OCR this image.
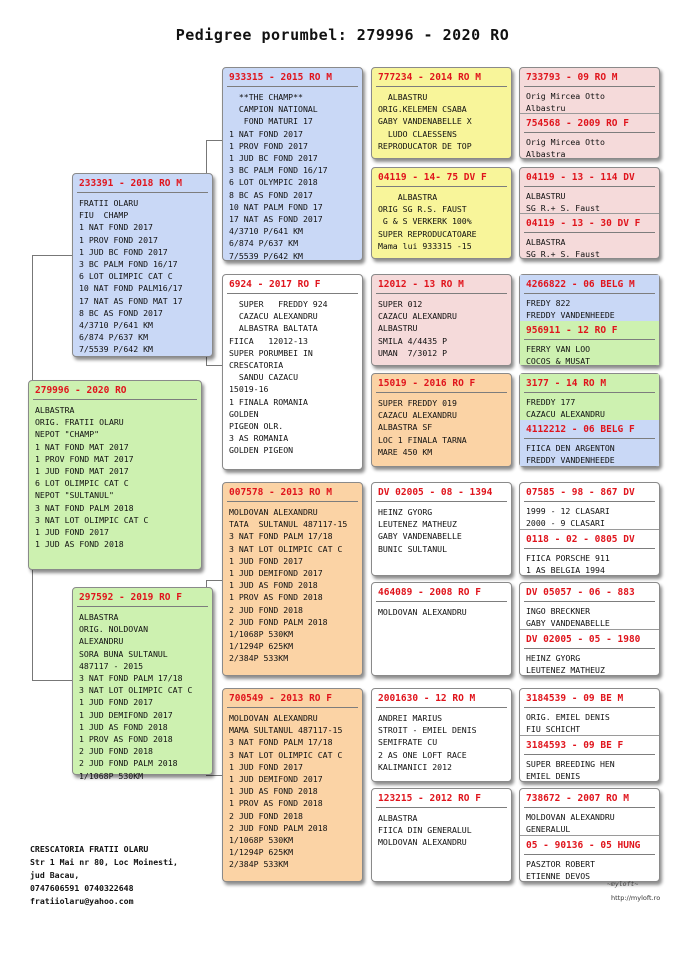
Pedigree porumbel: 279996 - 2020 RO
279996 - 2020 RO
ALBASTRA
ORIG. FRATII OLARU
NEPOT "CHAMP"
1 NAT FOND MAT 2017
1 PROV FOND MAT 2017
1 JUD FOND MAT 2017
6 LOT OLIMPIC CAT C
NEPOT "SULTANUL"
3 NAT FOND PALM 2018
3 NAT LOT OLIMPIC CAT C
1 JUD FOND 2017
1 JUD AS FOND 2018
233391 - 2018 RO M
FRATII OLARU
FIU  CHAMP
1 NAT FOND 2017
1 PROV FOND 2017
1 JUD BC FOND 2017
3 BC PALM FOND 16/17
6 LOT OLIMPIC CAT C
10 NAT FOND PALM16/17
17 NAT AS FOND MAT 17
8 BC AS FOND 2017
4/3710 P/641 KM
6/874 P/637 KM
7/5539 P/642 KM
297592 - 2019 RO F
ALBASTRA
ORIG. NOLDOVAN
ALEXANDRU
SORA BUNA SULTANUL
487117 - 2015
3 NAT FOND PALM 17/18
3 NAT LOT OLIMPIC CAT C
1 JUD FOND 2017
1 JUD DEMIFOND 2017
1 JUD AS FOND 2018
1 PROV AS FOND 2018
2 JUD FOND 2018
2 JUD FOND PALM 2018
1/1068P 530KM
933315 - 2015 RO M
**THE CHAMP**
CAMPION NATIONAL
FOND MATURI 17
1 NAT FOND 2017
1 PROV FOND 2017
1 JUD BC FOND 2017
3 BC PALM FOND 16/17
6 LOT OLYMPIC 2018
8 BC AS FOND 2017
10 NAT PALM FOND 17
17 NAT AS FOND 2017
4/3710 P/641 KM
6/874 P/637 KM
7/5539 P/642 KM
6924 - 2017 RO F
SUPER   FREDDY 924
CAZACU ALEXANDRU
ALBASTRA BALTATA
FIICA   12012-13
SUPER PORUMBEI IN
CRESCATORIA
SANDU CAZACU
15019-16
1 FINALA ROMANIA
GOLDEN
PIGEON OLR.
3 AS ROMANIA
GOLDEN PIGEON
007578 - 2013 RO M
MOLDOVAN ALEXANDRU
TATA  SULTANUL 487117-15
3 NAT FOND PALM 17/18
3 NAT LOT OLIMPIC CAT C
1 JUD FOND 2017
1 JUD DEMIFOND 2017
1 JUD AS FOND 2018
1 PROV AS FOND 2018
2 JUD FOND 2018
2 JUD FOND PALM 2018
1/1068P 530KM
1/1294P 625KM
2/384P 533KM
700549 - 2013 RO F
MOLDOVAN ALEXANDRU
MAMA SULTANUL 487117-15
3 NAT FOND PALM 17/18
3 NAT LOT OLIMPIC CAT C
1 JUD FOND 2017
1 JUD DEMIFOND 2017
1 JUD AS FOND 2018
1 PROV AS FOND 2018
2 JUD FOND 2018
2 JUD FOND PALM 2018
1/1068P 530KM
1/1294P 625KM
2/384P 533KM
777234 - 2014 RO M
ALBASTRU
ORIG.KELEMEN CSABA
GABY VANDENABELLE X
LUDO CLAESSENS
REPRODUCATOR DE TOP
04119 - 14- 75 DV F
ALBASTRA
ORIG SG R.S. FAUST
G & S VERKERK 100%
SUPER REPRODUCATOARE
Mama lui 933315 -15
12012 - 13 RO M
SUPER 012
CAZACU ALEXANDRU
ALBASTRU
SMILA 4/4435 P
UMAN  7/3012 P
15019 - 2016 RO F
SUPER FREDDY 019
CAZACU ALEXANDRU
ALBASTRA SF
LOC 1 FINALA TARNA
MARE 450 KM
DV 02005 - 08 - 1394
HEINZ GYORG
LEUTENEZ MATHEUZ
GABY VANDENABELLE
BUNIC SULTANUL
464089 - 2008 RO F
MOLDOVAN ALEXANDRU
2001630 - 12 RO M
ANDREI MARIUS
STROIT - EMIEL DENIS
SEMIFRATE CU
2 AS ONE LOFT RACE
KALIMANICI 2012
123215 - 2012 RO F
ALBASTRA
FIICA DIN GENERALUL
MOLDOVAN ALEXANDRU
733793 - 09 RO M
Orig Mircea Otto
Albastru
754568 - 2009 RO F
Orig Mircea Otto
Albastra
04119 - 13 - 114 DV
ALBASTRU
SG R.+ S. Faust
04119 - 13 - 30 DV F
ALBASTRA
SG R.+ S. Faust
4266822 - 06 BELG M
FREDY 822
FREDDY VANDENHEEDE
956911 - 12 RO F
FERRY VAN LOO
COCOS & MUSAT
3177 - 14 RO M
FREDDY 177
CAZACU ALEXANDRU
4112212 - 06 BELG F
FIICA DEN ARGENTON
FREDDY VANDENHEEDE
07585 - 98 - 867 DV
1999 - 12 CLASARI
2000 - 9 CLASARI
0118 - 02 - 0805 DV
FIICA PORSCHE 911
1 AS BELGIA 1994
DV 05057 - 06 - 883
INGO BRECKNER
GABY VANDENABELLE
DV 02005 - 05 - 1980
HEINZ GYORG
LEUTENEZ MATHEUZ
3184539 - 09 BE M
ORIG. EMIEL DENIS
FIU SCHICHT
3184593 - 09 BE F
SUPER BREEDING HEN
EMIEL DENIS
738672 - 2007 RO M
MOLDOVAN ALEXANDRU
GENERALUL
05 - 90136 - 05 HUNG
PASZTOR ROBERT
ETIENNE DEVOS
CRESCATORIA FRATII OLARU
Str 1 Mai nr 80, Loc Moinesti,
jud Bacau,
0747606591 0740322648
fratiiolaru@yahoo.com
~myloft~
http://myloft.ro
